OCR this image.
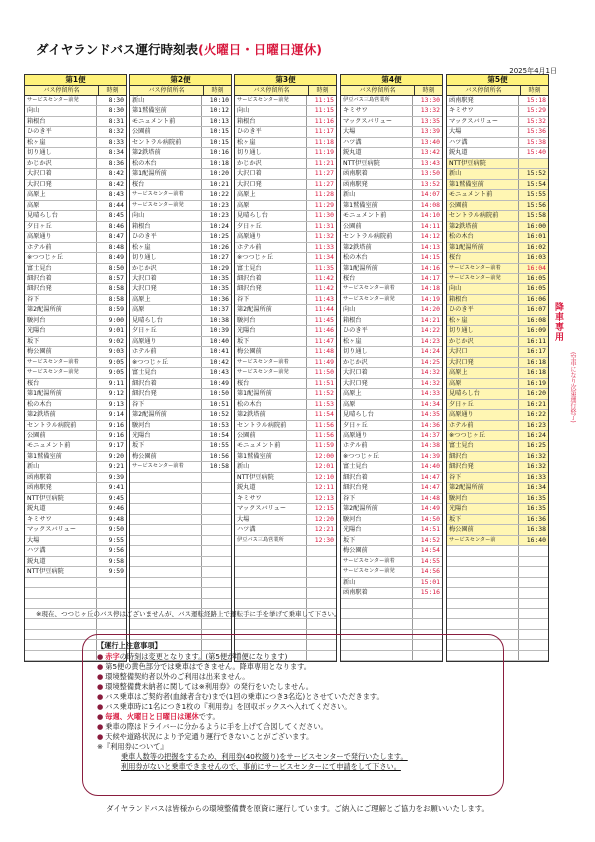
ダイヤランドバス運行時刻表(火曜日・日曜日運休)
2025年4月1日
第1便
バス停留所名	時刻
サービスセンター前発	8:30
向山	8:30
箱根台	8:31
ひのき平	8:32
松ヶ崖	8:33
切り通し	8:34
かじか沢	8:36
大沢口着	8:42
大沢口発	8:42
高原上	8:43
高原	8:44
見晴らし台	8:45
夕日ヶ丘	8:46
高原通り	8:47
ホテル前	8:48
※つつじヶ丘	8:49
富士見台	8:50
細沢台着	8:57
細沢台発	8:58
谷下	8:58
第2配湯所前	8:59
駿河台	9:00
光陽台	9:01
坂下	9:02
梅公園前	9:03
サービスセンター前着	9:05
サービスセンター前発	9:05
桜台	9:11
第1配湯所前	9:12
松の木台	9:13
第2鉄塔前	9:14
セントラル病院前	9:16
公園前	9:16
モニュメント前	9:17
第1鷲備室前	9:20
新山	9:21
函南駅着	9:39
函南駅発	9:41
NTT伊豆病院	9:45
鋭丸道	9:46
キミサワ	9:48
マックスバリュー	9:50
大場	9:55
ハツ溝	9:56
鋭丸道	9:58
NTT伊豆病院	9:59
第2便
バス停留所名	時刻
新山	10:10
第1鷲備室前	10:12
モニュメント前	10:13
公園前	10:15
セントラル病院前	10:15
第2鉄塔前	10:16
松の木台	10:18
第1配湯所前	10:20
桜台	10:21
サービスセンター前着	10:22
サービスセンター前発	10:23
向山	10:23
箱根台	10:24
ひのき平	10:25
松ヶ崖	10:26
切り通し	10:27
かじか沢	10:29
大沢口着	10:35
大沢口発	10:35
高原上	10:36
高原	10:37
見晴らし台	10:38
夕日ヶ丘	10:39
高原通り	10:40
ホテル前	10:41
※つつじヶ丘	10:42
富士見台	10:43
細沢台着	10:49
細沢台発	10:50
谷下	10:51
第2配湯所前	10:52
駿河台	10:53
光陽台	10:54
坂下	10:55
梅公園前	10:56
サービスセンター前着	10:58
第3便
バス停留所名	時刻
サービスセンター前発	11:15
向山	11:15
箱根台	11:16
ひのき平	11:17
松ヶ崖	11:18
切り通し	11:19
かじか沢	11:21
大沢口着	11:27
大沢口発	11:27
高原上	11:28
高原	11:29
見晴らし台	11:30
夕日ヶ丘	11:31
高原通り	11:32
ホテル前	11:33
※つつじヶ丘	11:34
富士見台	11:35
細沢台着	11:42
細沢台発	11:42
谷下	11:43
第2配湯所前	11:44
駿河台	11:45
光陽台	11:46
坂下	11:47
梅公園前	11:48
サービスセンター前着	11:49
サービスセンター前発	11:50
桜台	11:51
第1配湯所前	11:52
松の木台	11:53
第2鉄塔前	11:54
セントラル病院前	11:56
公園前	11:56
モニュメント前	11:59
第1鷲備室前	12:00
新山	12:01
NTT伊豆病院	12:10
鋭丸道	12:11
キミサワ	12:13
マックスバリュー	12:15
大場	12:20
ハツ溝	12:21
伊豆バス三島営業所	12:30
第4便
バス停留所名	時刻
伊豆バス三島営業所	13:30
キミサワ	13:32
マックスバリュー	13:35
大場	13:39
ハツ溝	13:40
鋭丸道	13:42
NTT伊豆病院	13:43
函南駅着	13:50
函南駅発	13:52
新山	14:07
第1鷲備室前	14:08
モニュメント前	14:10
公園前	14:11
セントラル病院前	14:12
第2鉄塔前	14:13
松の木台	14:15
第1配湯所前	14:16
桜台	14:17
サービスセンター前着	14:18
サービスセンター前発	14:19
向山	14:20
箱根台	14:21
ひのき平	14:22
松ヶ崖	14:23
切り通し	14:24
かじか沢	14:25
大沢口着	14:32
大沢口発	14:32
高原上	14:33
高原	14:34
見晴らし台	14:35
夕日ヶ丘	14:36
高原通り	14:37
ホテル前	14:38
※つつじヶ丘	14:39
富士見台	14:40
細沢台着	14:47
細沢台発	14:47
谷下	14:48
第2配湯所前	14:49
駿河台	14:50
光陽台	14:51
坂下	14:52
梅公園前	14:54
サービスセンター前着	14:55
サービスセンター前発	14:56
新山	15:01
函南駅着	15:16
第5便
バス停留所名	時刻
函南駅発	15:18
キミサワ	15:29
マックスバリュー	15:32
大場	15:36
ハツ溝	15:38
鋭丸道	15:40
NTT伊豆病院
新山	15:52
第1鷲備室前	15:54
モニュメント前	15:55
公園前	15:56
セントラル病院前	15:58
第2鉄塔前	16:00
松の木台	16:01
第1配湯所前	16:02
桜台	16:03
サービスセンター前着	16:04
サービスセンター前発	16:05
向山	16:05
箱根台	16:06
ひのき平	16:07
松ヶ崖	16:08
切り通し	16:09
かじか沢	16:11
大沢口	16:17
大沢口発	16:18
高原上	16:18
高原	16:19
見晴らし台	16:20
夕日ヶ丘	16:21
高原通り	16:22
ホテル前	16:23
※つつじヶ丘	16:24
富士見台	16:25
細沢台	16:32
細沢台発	16:32
谷下	16:33
第2配湯所前	16:34
駿河台	16:35
光陽台	16:35
坂下	16:36
梅公園前	16:38
サービスセンター前	16:40
降車専用
(空車になり次第運行終了)
※現在、つつじヶ丘のバス停はございませんが、バス運転経路上で運転手に手を挙げて乗車して下さい。
【運行上注意事項】
● 赤字の時刻は変更となります。(第5便が増便になります)
● 第5便の黄色部分では乗車はできません。降車専用となります。
● 環境整備契約者以外のご利用は出来ません。
● 環境整備費未納者に関しては※利用券》の発行をいたしません。
● バス乗車はご契約者(血縁者含む)まで(1回の乗車につき3名迄)とさせていただきます。
● バス乗車時に1名につき1枚の『利用券』を回収ボックスへ入れてください。
● 毎週、火曜日と日曜日は運休です。
● 乗車の際はドライバーに分かるように手を上げて合図してください。
● 天候や道路状況により予定通り運行できないことがございます。
※『利用券について』
乗車人数等の把握をするため、利用券(40枚綴り)をサービスセンターで発行いたします。
利用券がないと乗車できませんので、事前にサービスセンターにて申請をして下さい。
ダイヤランドバスは皆様からの環境整備費を原資に運行しています。ご納入にご理解とご協力をお願いいたします。
